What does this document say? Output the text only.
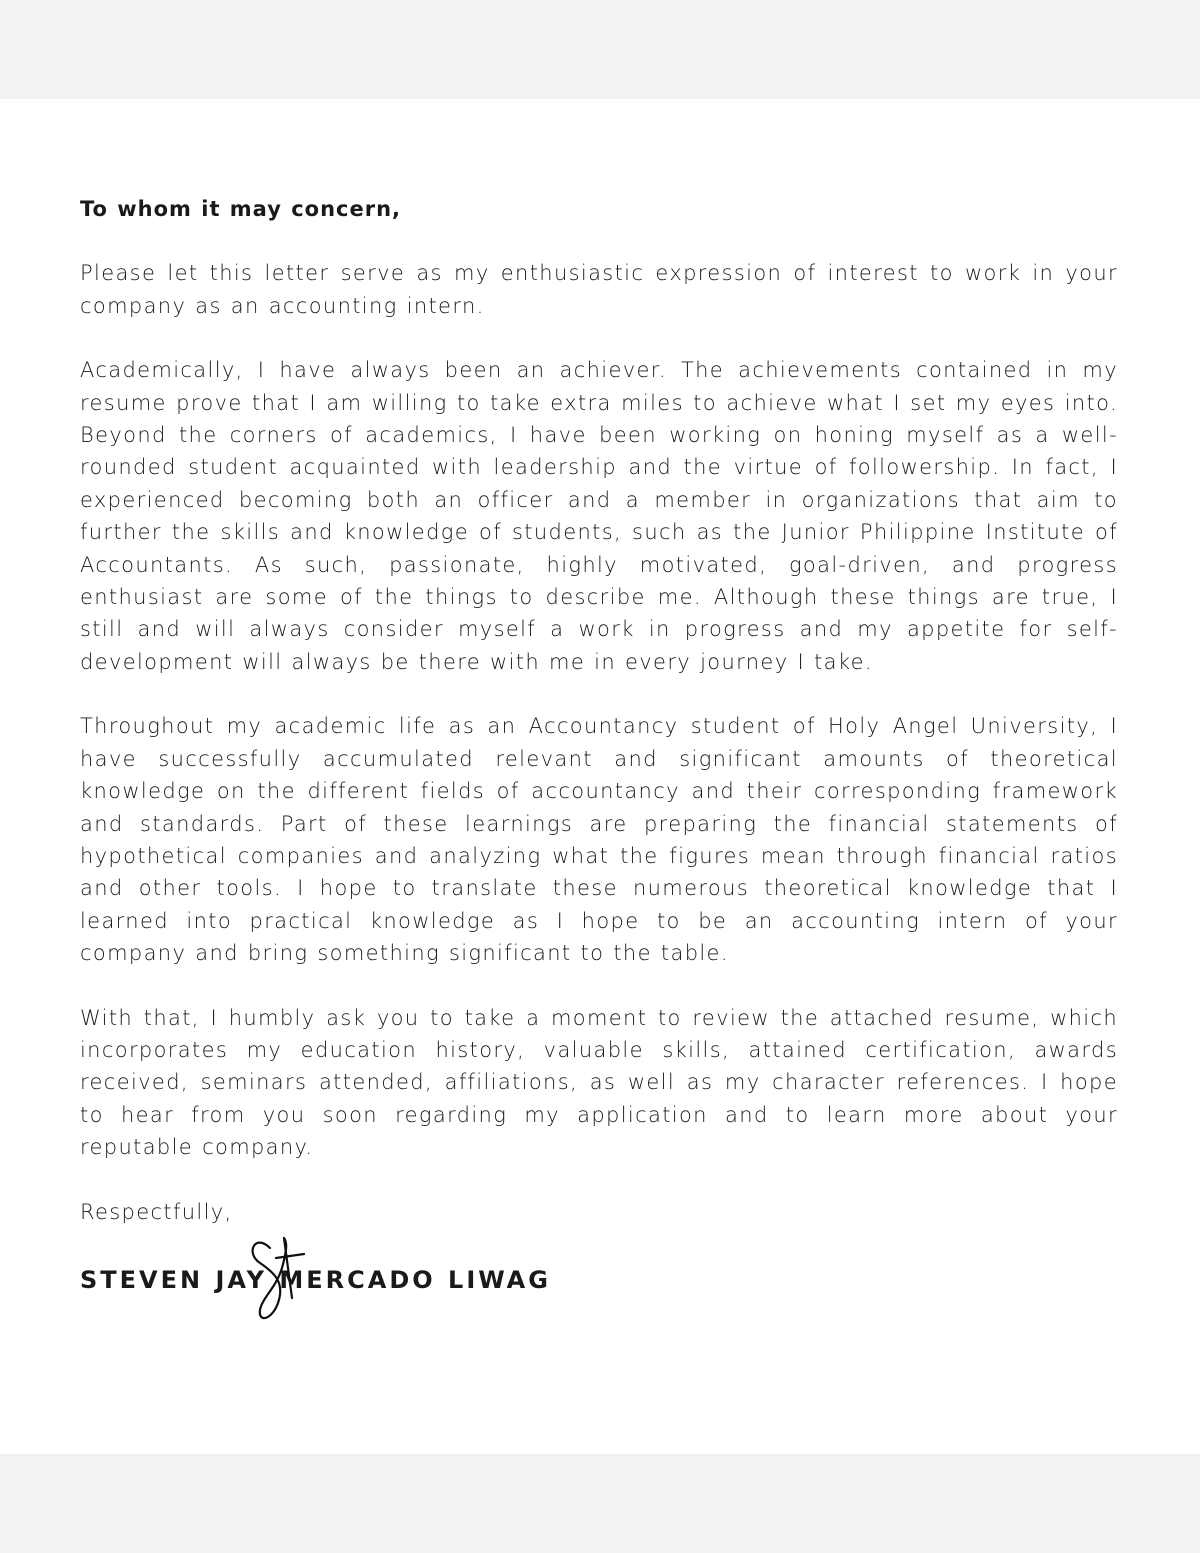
To whom it may concern,

Please let this letter serve as my enthusiastic expression of interest to work in your company as an accounting intern.

Academically, I have always been an achiever. The achievements contained in my resume prove that I am willing to take extra miles to achieve what I set my eyes into. Beyond the corners of academics, I have been working on honing myself as a well-rounded student acquainted with leadership and the virtue of followership. In fact, I experienced becoming both an officer and a member in organizations that aim to further the skills and knowledge of students, such as the Junior Philippine Institute of Accountants. As such, passionate, highly motivated, goal-driven, and progress enthusiast are some of the things to describe me. Although these things are true, I still and will always consider myself a work in progress and my appetite for self-development will always be there with me in every journey I take.

Throughout my academic life as an Accountancy student of Holy Angel University, I have successfully accumulated relevant and significant amounts of theoretical knowledge on the different fields of accountancy and their corresponding framework and standards. Part of these learnings are preparing the financial statements of hypothetical companies and analyzing what the figures mean through financial ratios and other tools. I hope to translate these numerous theoretical knowledge that I learned into practical knowledge as I hope to be an accounting intern of your company and bring something significant to the table.

With that, I humbly ask you to take a moment to review the attached resume, which incorporates my education history, valuable skills, attained certification, awards received, seminars attended, affiliations, as well as my character references. I hope to hear from you soon regarding my application and to learn more about your reputable company.

Respectfully,

STEVEN JAY MERCADO LIWAG
